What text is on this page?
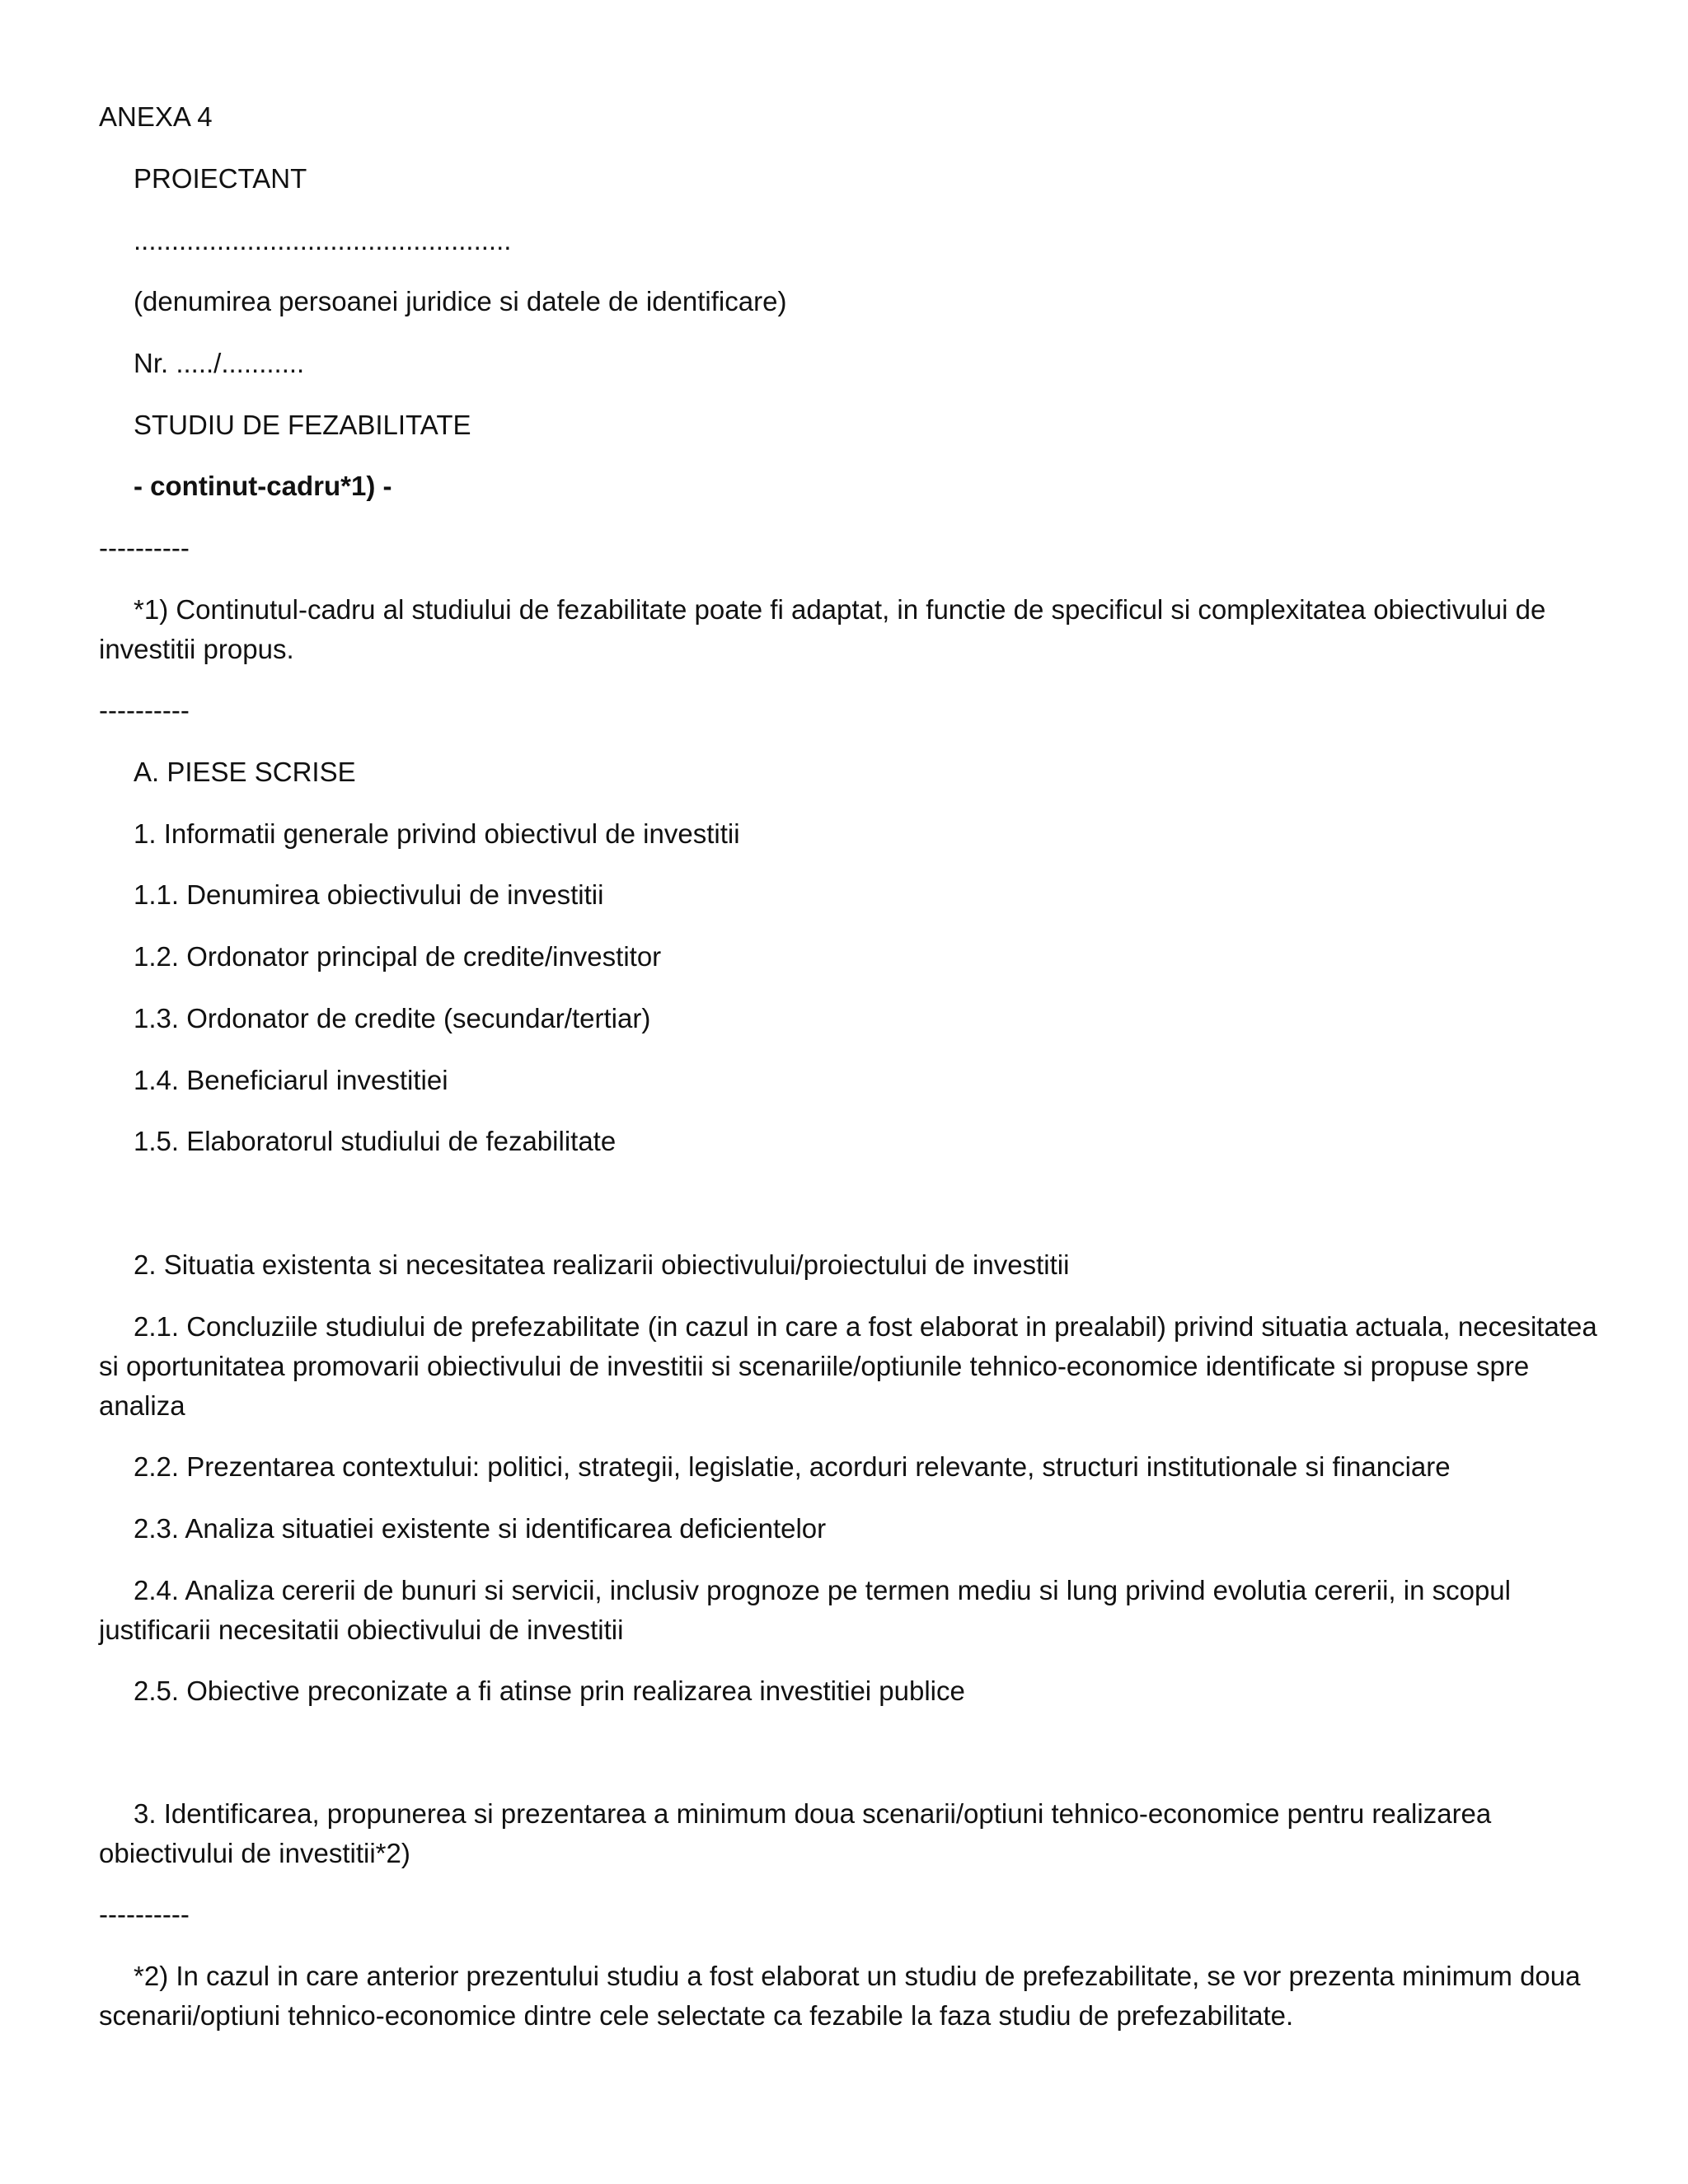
ANEXA 4
PROIECTANT
..................................................
(denumirea persoanei juridice si datele de identificare)
Nr. ...../...........
STUDIU DE FEZABILITATE
- continut-cadru*1) -
----------
*1) Continutul-cadru al studiului de fezabilitate poate fi adaptat, in functie de specificul si complexitatea obiectivului de investitii propus.
----------
A. PIESE SCRISE
1. Informatii generale privind obiectivul de investitii
1.1. Denumirea obiectivului de investitii
1.2. Ordonator principal de credite/investitor
1.3. Ordonator de credite (secundar/tertiar)
1.4. Beneficiarul investitiei
1.5. Elaboratorul studiului de fezabilitate
2. Situatia existenta si necesitatea realizarii obiectivului/proiectului de investitii
2.1. Concluziile studiului de prefezabilitate (in cazul in care a fost elaborat in prealabil) privind situatia actuala, necesitatea si oportunitatea promovarii obiectivului de investitii si scenariile/optiunile tehnico-economice identificate si propuse spre analiza
2.2. Prezentarea contextului: politici, strategii, legislatie, acorduri relevante, structuri institutionale si financiare
2.3. Analiza situatiei existente si identificarea deficientelor
2.4. Analiza cererii de bunuri si servicii, inclusiv prognoze pe termen mediu si lung privind evolutia cererii, in scopul justificarii necesitatii obiectivului de investitii
2.5. Obiective preconizate a fi atinse prin realizarea investitiei publice
3. Identificarea, propunerea si prezentarea a minimum doua scenarii/optiuni tehnico-economice pentru realizarea obiectivului de investitii*2)
----------
*2) In cazul in care anterior prezentului studiu a fost elaborat un studiu de prefezabilitate, se vor prezenta minimum doua scenarii/optiuni tehnico-economice dintre cele selectate ca fezabile la faza studiu de prefezabilitate.
